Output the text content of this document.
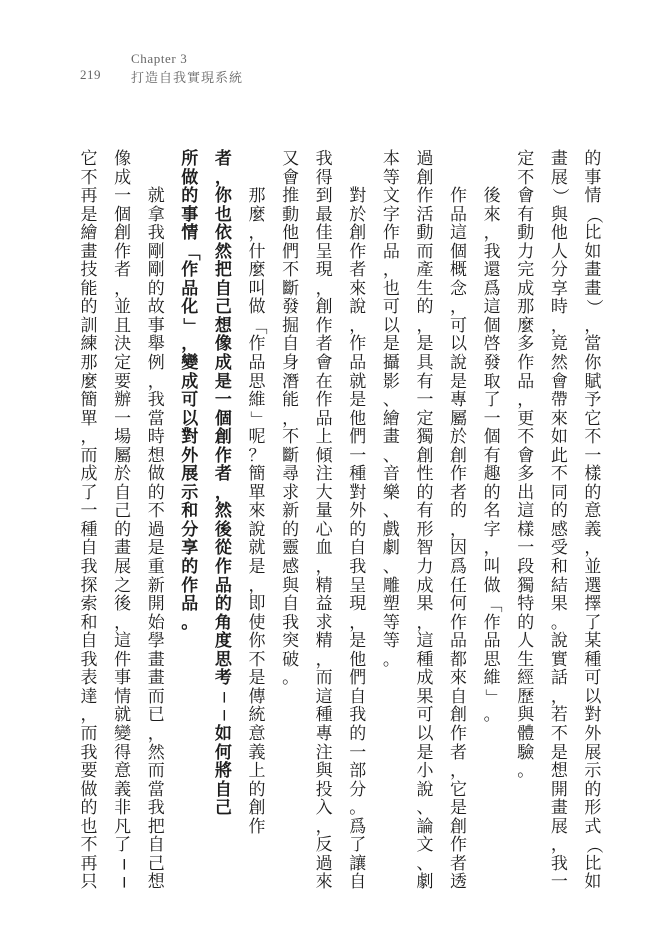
219
Chapter 3
打造自我實現系統
的
事
情
（
比
如
畫
畫
）
，
當
你
賦
予
它
不
一
樣
的
意
義
，
並
選
擇
了
某
種
可
以
對
外
展
示
的
形
式
（
比
如
畫
展
）
與
他
人
分
享
時
，
竟
然
會
帶
來
如
此
不
同
的
感
受
和
結
果
。
說
實
話
，
若
不
是
想
開
畫
展
，
我
一
定
不
會
有
動
力
完
成
那
麼
多
作
品
，
更
不
會
多
出
這
樣
一
段
獨
特
的
人
生
經
歷
與
體
驗
。

後
來
，
我
還
爲
這
個
啓
發
取
了
一
個
有
趣
的
名
字
，
叫
做
「
作
品
思
維
」
。

作
品
這
個
概
念
，
可
以
說
是
專
屬
於
創
作
者
的
，
因
爲
任
何
作
品
都
來
自
創
作
者
，
它
是
創
作
者
透
過
創
作
活
動
而
產
生
的
，
是
具
有
一
定
獨
創
性
的
有
形
智
力
成
果
，
這
種
成
果
可
以
是
小
說
、
論
文
、
劇
本
等
文
字
作
品
，
也
可
以
是
攝
影
、
繪
畫
、
音
樂
、
戲
劇
、
雕
塑
等
等
。

對
於
創
作
者
來
說
，
作
品
就
是
他
們
一
種
對
外
的
自
我
呈
現
，
是
他
們
自
我
的
一
部
分
。
爲
了
讓
自
我
得
到
最
佳
呈
現
，
創
作
者
會
在
作
品
上
傾
注
大
量
心
血
，
精
益
求
精
，
而
這
種
專
注
與
投
入
，
反
過
來
又
會
推
動
他
們
不
斷
發
掘
自
身
潛
能
，
不
斷
尋
求
新
的
靈
感
與
自
我
突
破
。

那
麼
，
什
麼
叫
做
「
作
品
思
維
」
呢
？
簡
單
來
說
就
是
，
即
使
你
不
是
傳
統
意
義
上
的
創
作
者
，
你
也
依
然
把
自
己
想
像
成
是
一
個
創
作
者
，
然
後
從
作
品
的
角
度
思
考
─
─
如
何
將
自
己
所
做
的
事
情
「
作
品
化
」
，
變
成
可
以
對
外
展
示
和
分
享
的
作
品
。

就
拿
我
剛
剛
的
故
事
舉
例
，
我
當
時
想
做
的
不
過
是
重
新
開
始
學
畫
畫
而
已
，
然
而
當
我
把
自
己
想
像
成
一
個
創
作
者
，
並
且
決
定
要
辦
一
場
屬
於
自
己
的
畫
展
之
後
，
這
件
事
情
就
變
得
意
義
非
凡
了
─
─
它
不
再
是
繪
畫
技
能
的
訓
練
那
麼
簡
單
，
而
成
了
一
種
自
我
探
索
和
自
我
表
達
，
而
我
要
做
的
也
不
再
只
